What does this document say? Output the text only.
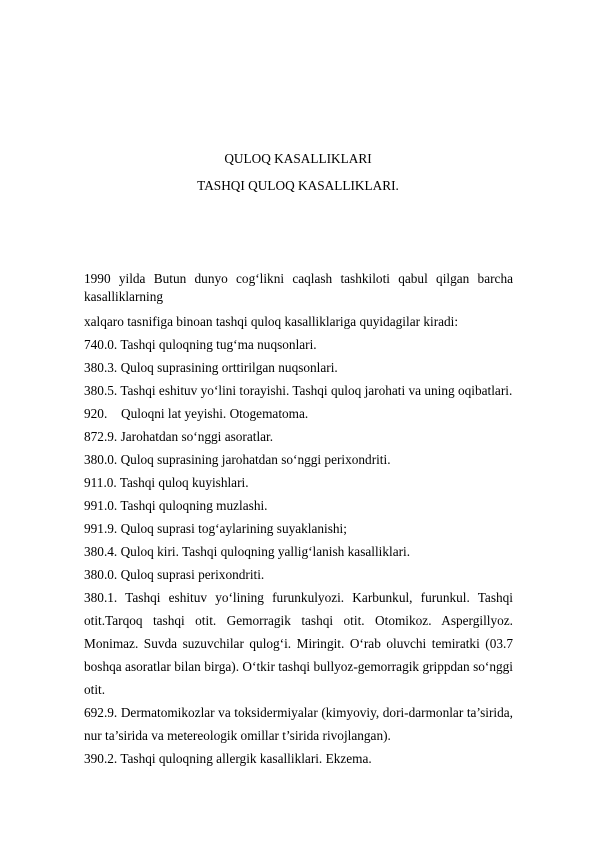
QULOQ KASALLIKLARI
TASHQI QULOQ KASALLIKLARI.

1990 yilda Butun dunyo cog‘likni caqlash tashkiloti qabul qilgan barcha kasalliklarning

xalqaro tasnifiga binoan tashqi quloq kasalliklariga quyidagilar kiradi:

740.0. Tashqi quloqning tug‘ma nuqsonlari.

380.3. Quloq suprasining orttirilgan nuqsonlari.

380.5. Tashqi eshituv yo‘lini torayishi. Tashqi quloq jarohati va uning oqibatlari.

920. Quloqni lat yeyishi. Otogematoma.

872.9. Jarohatdan so‘nggi asoratlar.

380.0. Quloq suprasining jarohatdan so‘nggi perixondriti.

911.0. Tashqi quloq kuyishlari.

991.0. Tashqi quloqning muzlashi.

991.9. Quloq suprasi tog‘aylarining suyaklanishi;

380.4. Quloq kiri. Tashqi quloqning yallig‘lanish kasalliklari.

380.0. Quloq suprasi perixondriti.

380.1. Tashqi eshituv yo‘lining furunkulyozi. Karbunkul, furunkul. Tashqi otit.Tarqoq tashqi otit. Gemorragik tashqi otit. Otomikoz. Aspergillyoz. Monimaz. Suvda suzuvchilar qulog‘i. Miringit. O‘rab oluvchi temiratki (03.7 boshqa asoratlar bilan birga). O‘tkir tashqi bullyoz-gemorragik grippdan so‘nggi otit.

692.9. Dermatomikozlar va toksidermiyalar (kimyoviy, dori-darmonlar ta’sirida, nur ta’sirida va metereologik omillar t’sirida rivojlangan).

390.2. Tashqi quloqning allergik kasalliklari. Ekzema.
